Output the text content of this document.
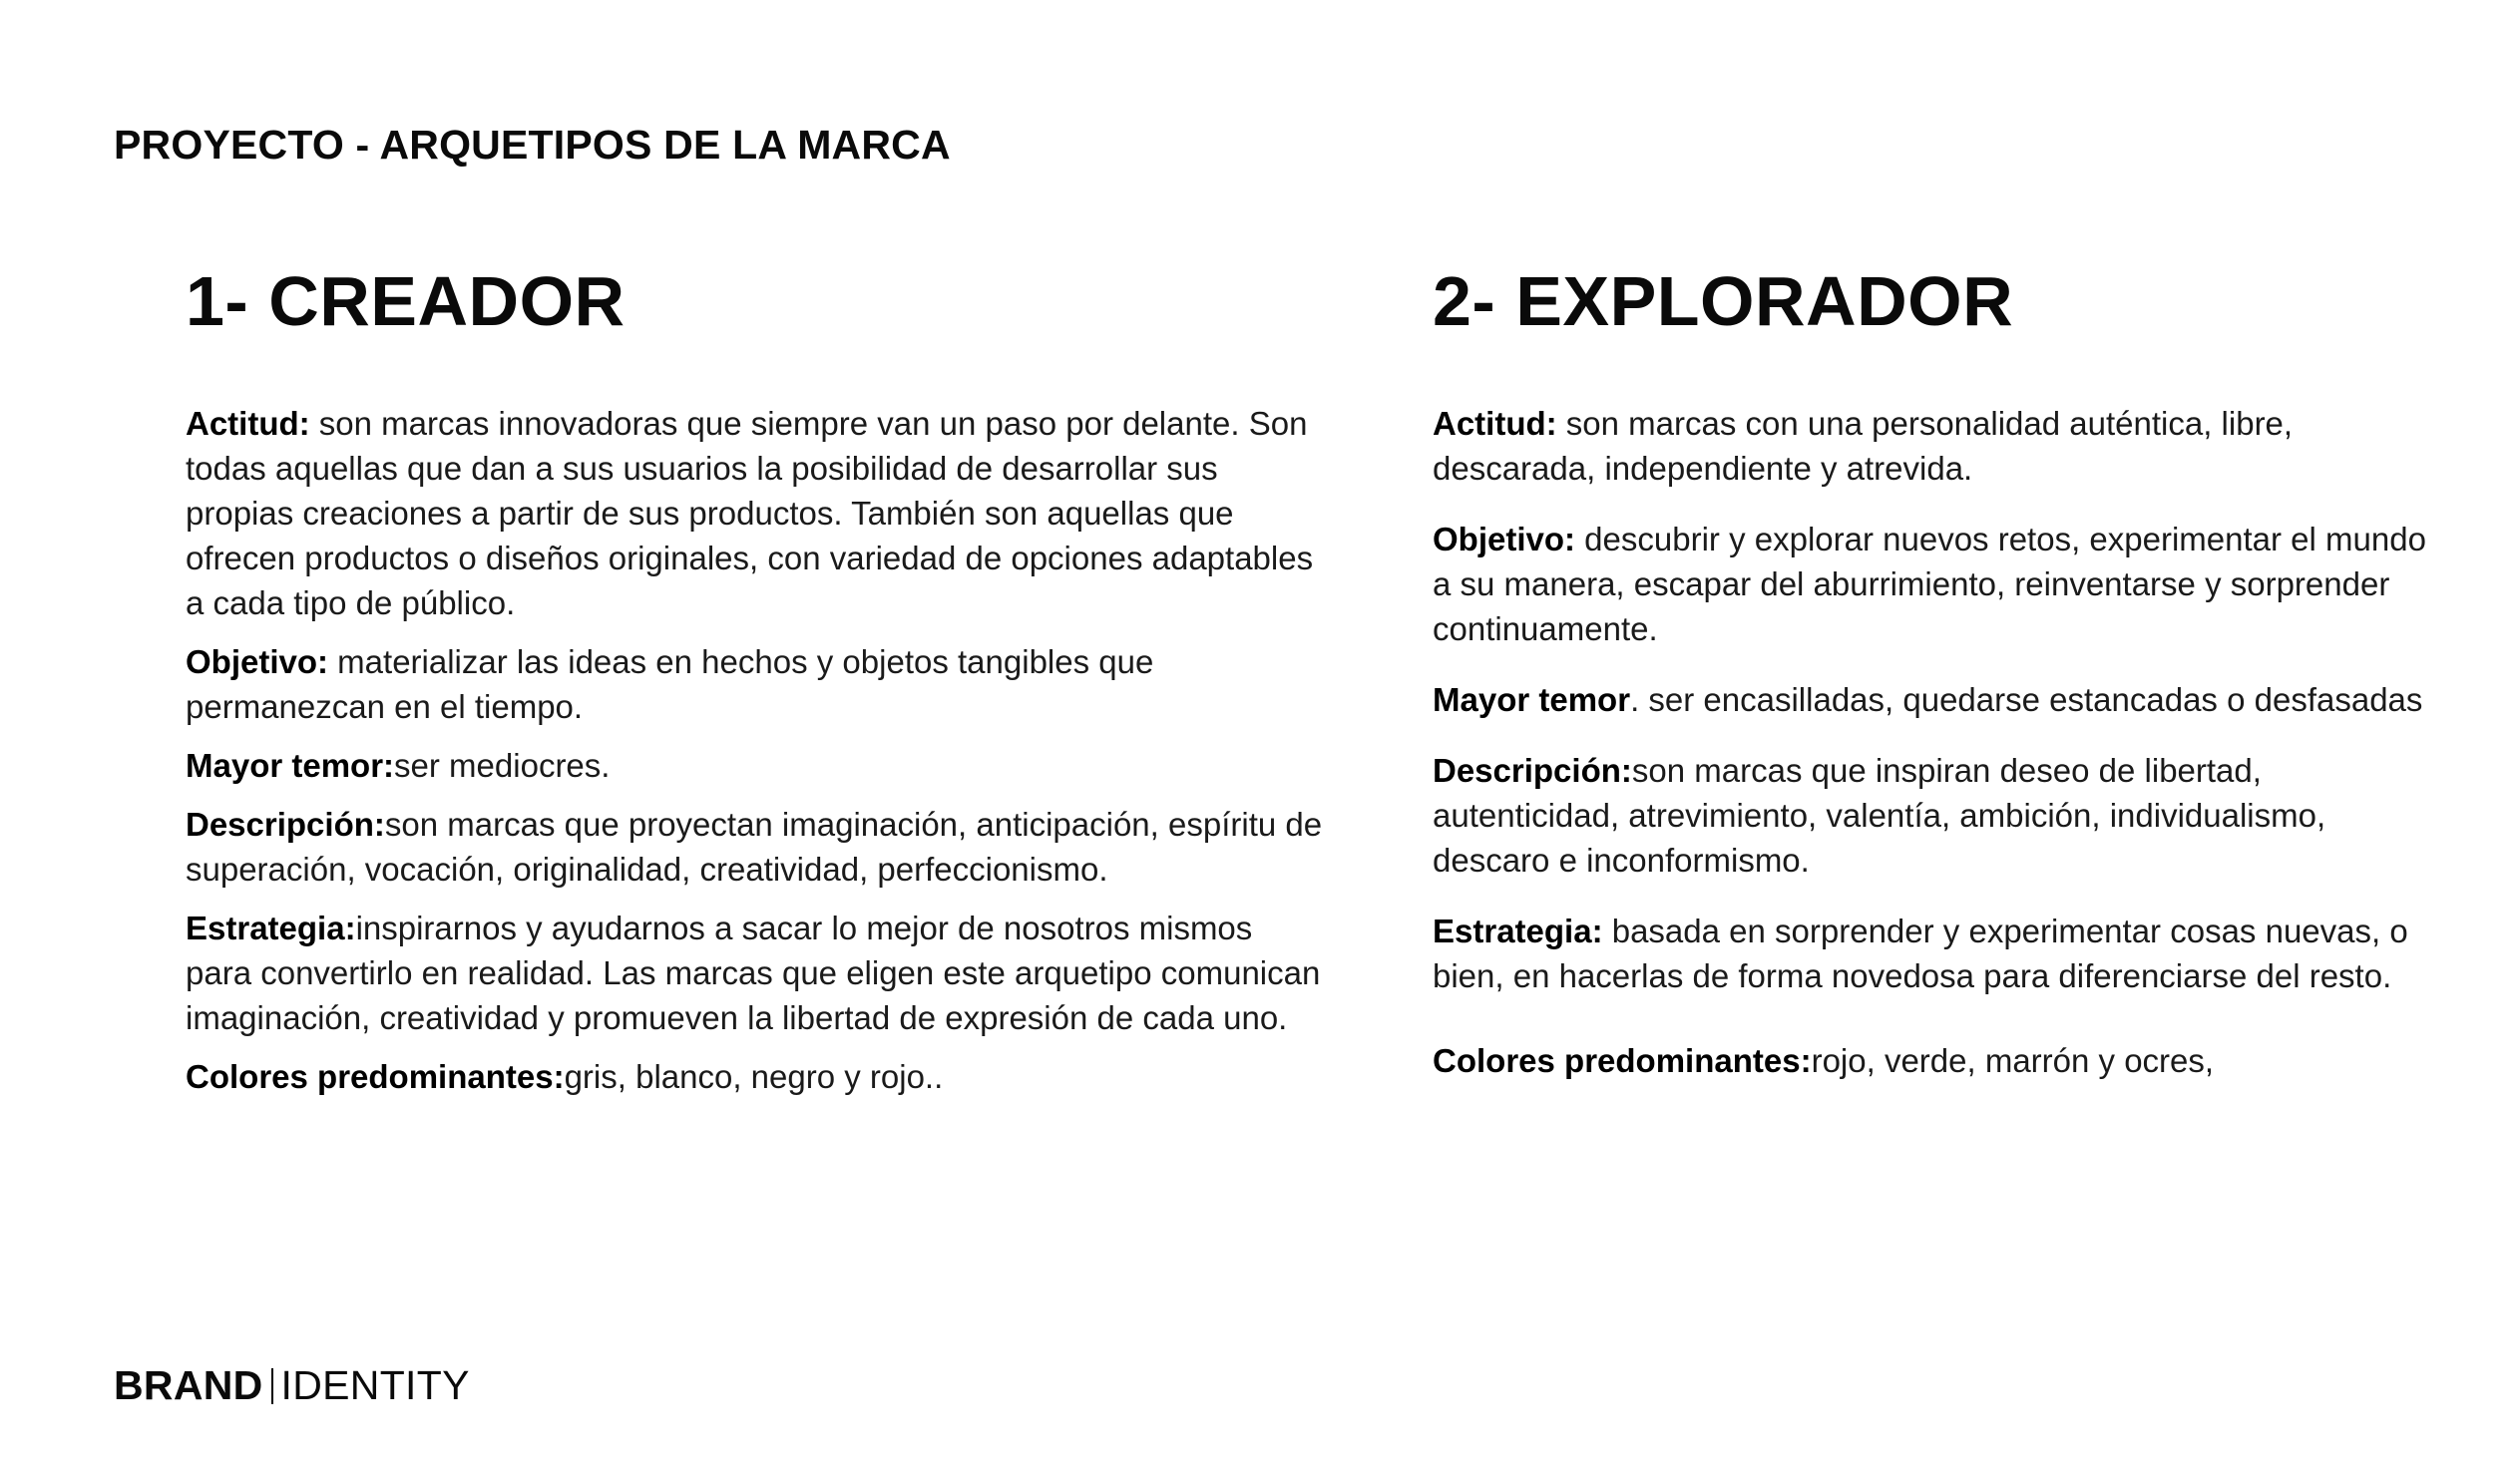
PROYECTO - ARQUETIPOS DE LA MARCA
1- CREADOR

Actitud: son marcas innovadoras que siempre van un paso por delante. Son todas aquellas que dan a sus usuarios la posibilidad de desarrollar sus propias creaciones a partir de sus productos. También son aquellas que ofrecen productos o diseños originales, con variedad de opciones adaptables a cada tipo de público.

Objetivo: materializar las ideas en hechos y objetos tangibles que permanezcan en el tiempo.

Mayor temor:ser mediocres.

Descripción:son marcas que proyectan imaginación, anticipación, espíritu de superación, vocación, originalidad, creatividad, perfeccionismo.

Estrategia:inspirarnos y ayudarnos a sacar lo mejor de nosotros mismos para convertirlo en realidad. Las marcas que eligen este arquetipo comunican imaginación, creatividad y promueven la libertad de expresión de cada uno.

Colores predominantes:gris, blanco, negro y rojo..

2- EXPLORADOR

Actitud: son marcas con una personalidad auténtica, libre, descarada, independiente y atrevida.

Objetivo: descubrir y explorar nuevos retos, experimentar el mundo a su manera, escapar del aburrimiento, reinventarse y sorprender continuamente.

Mayor temor. ser encasilladas, quedarse estancadas o desfasadas

Descripción:son marcas que inspiran deseo de libertad, autenticidad, atrevimiento, valentía, ambición, individualismo, descaro e inconformismo.

Estrategia: basada en sorprender y experimentar cosas nuevas, o bien, en hacerlas de forma novedosa para diferenciarse del resto.

Colores predominantes:rojo, verde, marrón y ocres,

BRAND IDENTITY
